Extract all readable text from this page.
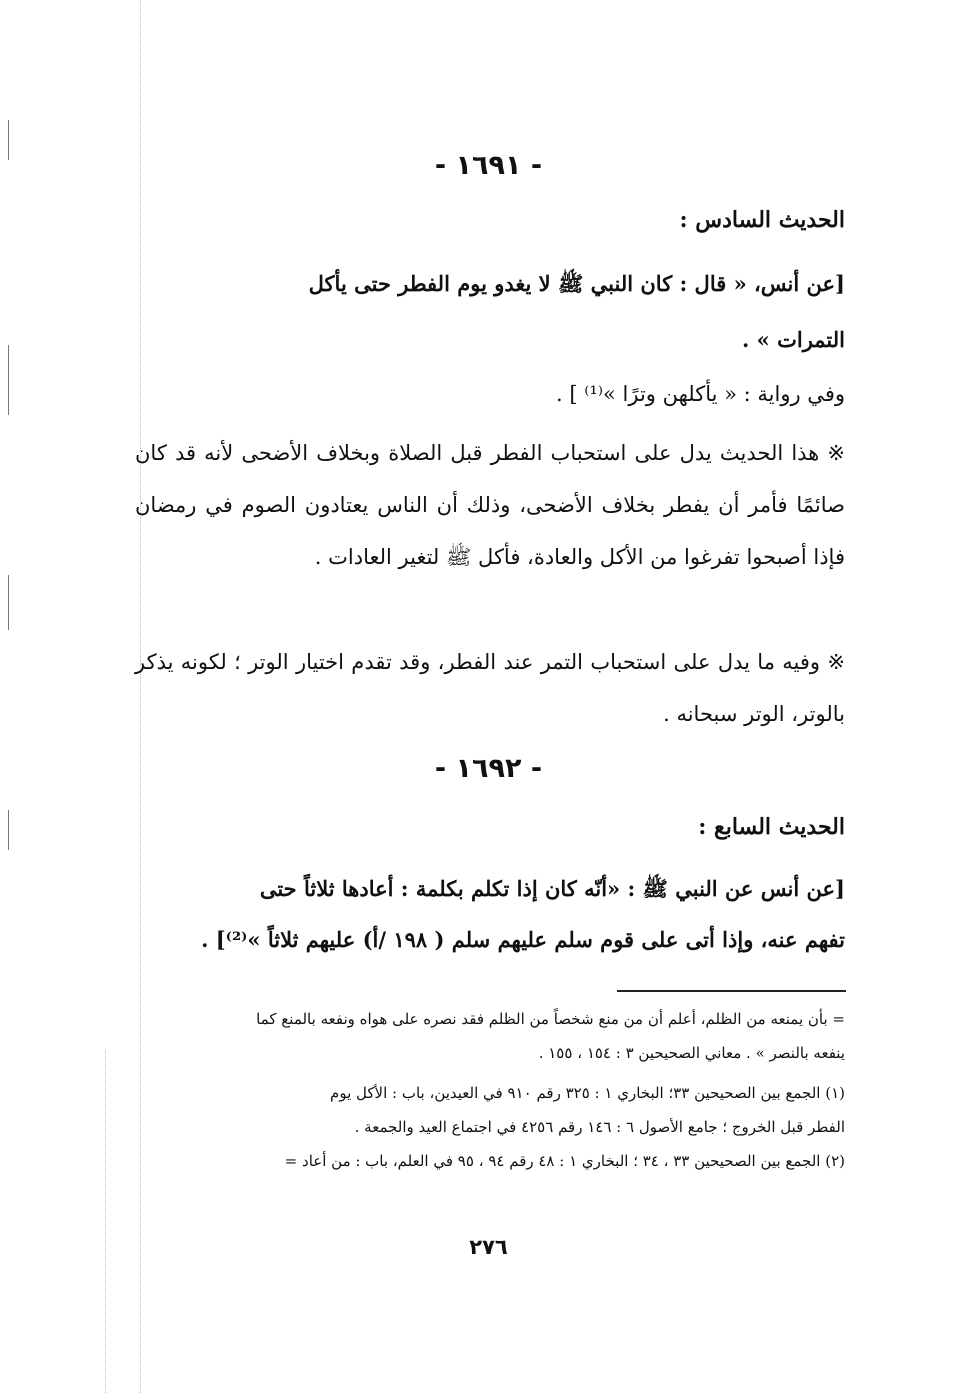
- ١٦٩١ -
الحديث السادس :
[عن أنس، « قال : كان النبي ﷺ لا يغدو يوم الفطر حتى يأكل
التمرات » .
وفي رواية : « يأكلهن وترًا »⁽¹⁾ ] .
※ هذا الحديث يدل على استحباب الفطر قبل الصلاة وبخلاف الأضحى لأنه قد كان صائمًا فأمر أن يفطر بخلاف الأضحى، وذلك أن الناس يعتادون الصوم في رمضان فإذا أصبحوا تفرغوا من الأكل والعادة، فأكل ﷺ لتغير العادات .
※ وفيه ما يدل على استحباب التمر عند الفطر، وقد تقدم اختيار الوتر ؛ لكونه يذكر بالوتر، الوتر سبحانه .
- ١٦٩٢ -
الحديث السابع :
[عن أنس عن النبي ﷺ : «أنّه كان إذا تكلم بكلمة : أعادها ثلاثاً حتى
تفهم عنه، وإذا أتى على قوم سلم عليهم سلم ( ١٩٨ /أ) عليهم ثلاثاً »⁽²⁾] .
= بأن يمنعه من الظلم، أعلم أن من منع شخصاً من الظلم فقد نصره على هواه ونفعه بالمنع كما
ينفعه بالنصر » . معاني الصحيحين ٣ : ١٥٤ ، ١٥٥ .
(١) الجمع بين الصحيحين ٣٣؛ البخاري ١ : ٣٢٥ رقم ٩١٠ في العيدين، باب : الأكل يوم
الفطر قبل الخروج ؛ جامع الأصول ٦ : ١٤٦ رقم ٤٢٥٦ في اجتماع العيد والجمعة .
(٢) الجمع بين الصحيحين ٣٣ ، ٣٤ ؛ البخاري ١ : ٤٨ رقم ٩٤ ، ٩٥ في العلم، باب : من أعاد =
٢٧٦
